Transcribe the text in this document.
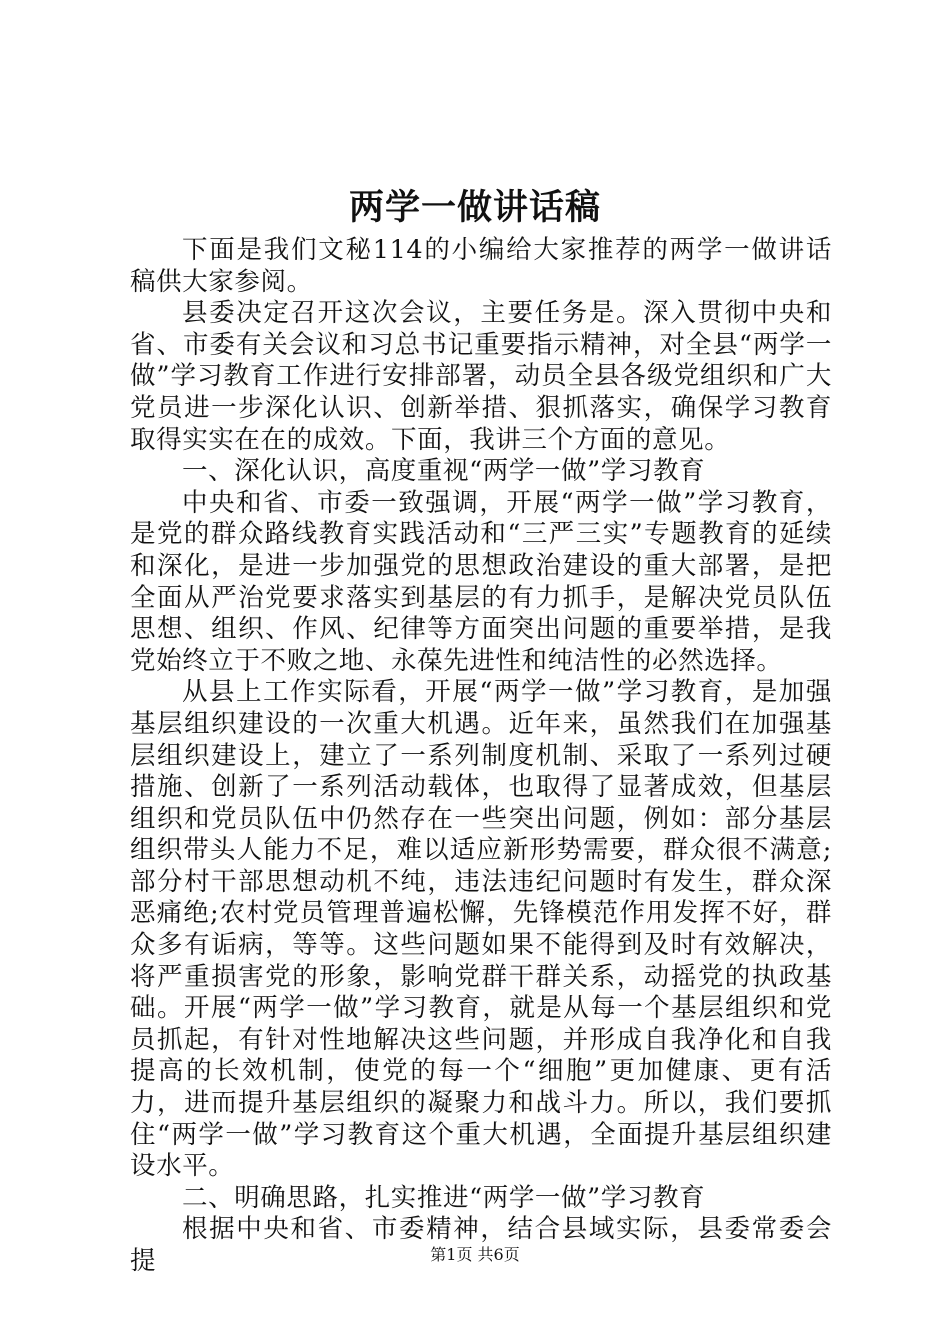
两学一做讲话稿

下面是我们文秘114的小编给大家推荐的两学一做讲话稿供大家参阅。

县委决定召开这次会议，主要任务是。深入贯彻中央和省、市委有关会议和习总书记重要指示精神，对全县“两学一做”学习教育工作进行安排部署，动员全县各级党组织和广大党员进一步深化认识、创新举措、狠抓落实，确保学习教育取得实实在在的成效。下面，我讲三个方面的意见。

一、深化认识，高度重视“两学一做”学习教育

中央和省、市委一致强调，开展“两学一做”学习教育，是党的群众路线教育实践活动和“三严三实”专题教育的延续和深化，是进一步加强党的思想政治建设的重大部署，是把全面从严治党要求落实到基层的有力抓手，是解决党员队伍思想、组织、作风、纪律等方面突出问题的重要举措，是我党始终立于不败之地、永葆先进性和纯洁性的必然选择。

从县上工作实际看，开展“两学一做”学习教育，是加强基层组织建设的一次重大机遇。近年来，虽然我们在加强基层组织建设上，建立了一系列制度机制、采取了一系列过硬措施、创新了一系列活动载体，也取得了显著成效，但基层组织和党员队伍中仍然存在一些突出问题，例如：部分基层组织带头人能力不足，难以适应新形势需要，群众很不满意;部分村干部思想动机不纯，违法违纪问题时有发生，群众深恶痛绝;农村党员管理普遍松懈，先锋模范作用发挥不好，群众多有诟病，等等。这些问题如果不能得到及时有效解决，将严重损害党的形象，影响党群干群关系，动摇党的执政基础。开展“两学一做”学习教育，就是从每一个基层组织和党员抓起，有针对性地解决这些问题，并形成自我净化和自我提高的长效机制，使党的每一个“细胞”更加健康、更有活力，进而提升基层组织的凝聚力和战斗力。所以，我们要抓住“两学一做”学习教育这个重大机遇，全面提升基层组织建设水平。

二、明确思路，扎实推进“两学一做”学习教育

根据中央和省、市委精神，结合县域实际，县委常委会提	第1页 共6页
